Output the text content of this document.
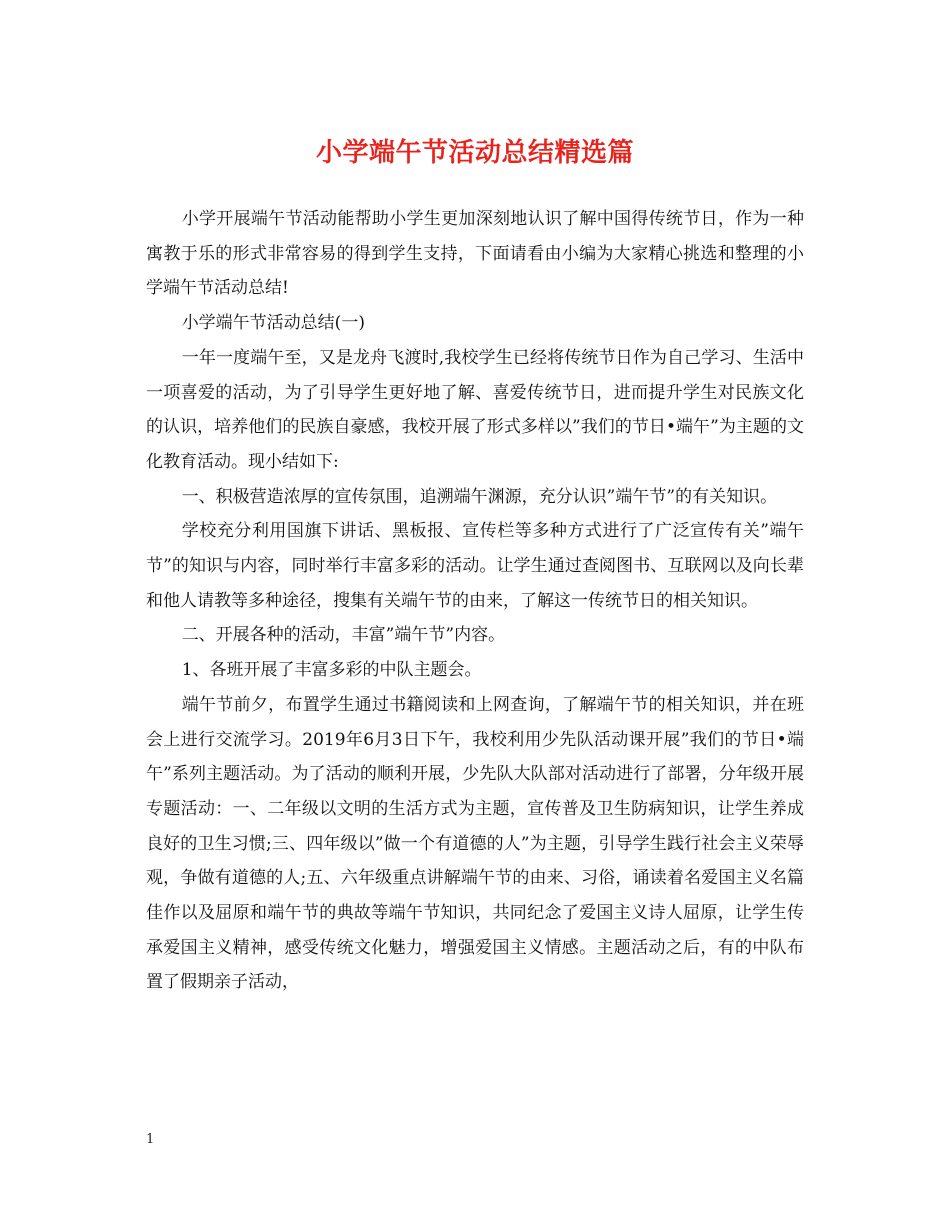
小学端午节活动总结精选篇

小学开展端午节活动能帮助小学生更加深刻地认识了解中国得传统节日，作为一种寓教于乐的形式非常容易的得到学生支持，下面请看由小编为大家精心挑选和整理的小学端午节活动总结!

小学端午节活动总结(一)

一年一度端午至，又是龙舟飞渡时,我校学生已经将传统节日作为自己学习、生活中一项喜爱的活动，为了引导学生更好地了解、喜爱传统节日，进而提升学生对民族文化的认识，培养他们的民族自豪感，我校开展了形式多样以”我们的节日•端午”为主题的文化教育活动。现小结如下:

一、积极营造浓厚的宣传氛围，追溯端午渊源，充分认识”端午节”的有关知识。

学校充分利用国旗下讲话、黑板报、宣传栏等多种方式进行了广泛宣传有关”端午节”的知识与内容，同时举行丰富多彩的活动。让学生通过查阅图书、互联网以及向长辈和他人请教等多种途径，搜集有关端午节的由来，了解这一传统节日的相关知识。

二、开展各种的活动，丰富”端午节”内容。

1、各班开展了丰富多彩的中队主题会。

端午节前夕，布置学生通过书籍阅读和上网查询，了解端午节的相关知识，并在班会上进行交流学习。2019年6月3日下午，我校利用少先队活动课开展”我们的节日•端午”系列主题活动。为了活动的顺利开展，少先队大队部对活动进行了部署，分年级开展专题活动：一、二年级以文明的生活方式为主题，宣传普及卫生防病知识，让学生养成良好的卫生习惯;三、四年级以”做一个有道德的人”为主题，引导学生践行社会主义荣辱观，争做有道德的人;五、六年级重点讲解端午节的由来、习俗，诵读着名爱国主义名篇佳作以及屈原和端午节的典故等端午节知识，共同纪念了爱国主义诗人屈原，让学生传承爱国主义精神，感受传统文化魅力，增强爱国主义情感。主题活动之后，有的中队布置了假期亲子活动，

1
